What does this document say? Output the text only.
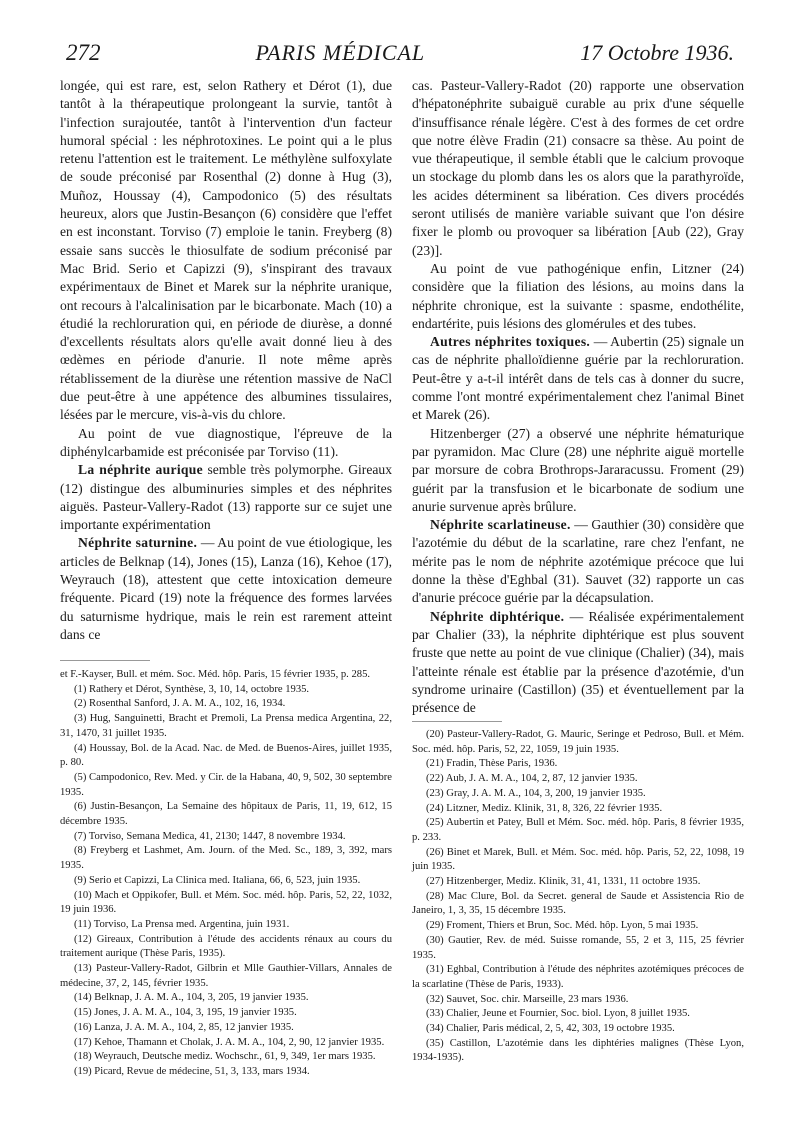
272	PARIS MÉDICAL	17 Octobre 1936.

longée, qui est rare, est, selon Rathery et Dérot (1), due tantôt à la thérapeutique prolongeant la survie, tantôt à l'infection surajoutée, tantôt à l'intervention d'un facteur humoral spécial : les néphrotoxines. Le point qui a le plus retenu l'attention est le traitement. Le méthylène sulfoxylate de soude préconisé par Rosenthal (2) donne à Hug (3), Muñoz, Houssay (4), Campodonico (5) des résultats heureux, alors que Justin-Besançon (6) considère que l'effet en est inconstant. Torviso (7) emploie le tanin. Freyberg (8) essaie sans succès le thiosulfate de sodium préconisé par Mac Brid. Serio et Capizzi (9), s'inspirant des travaux expérimentaux de Binet et Marek sur la néphrite uranique, ont recours à l'alcalinisation par le bicarbonate. Mach (10) a étudié la rechloruration qui, en période de diurèse, a donné d'excellents résultats alors qu'elle avait donné lieu à des œdèmes en période d'anurie. Il note même après rétablissement de la diurèse une rétention massive de NaCl due peut-être à une appétence des albumines tissulaires, lésées par le mercure, vis-à-vis du chlore.

Au point de vue diagnostique, l'épreuve de la diphénylcarbamide est préconisée par Torviso (11).

La néphrite aurique semble très polymorphe. Gireaux (12) distingue des albuminuries simples et des néphrites aiguës. Pasteur-Vallery-Radot (13) rapporte sur ce sujet une importante expérimentation

Néphrite saturnine. — Au point de vue étiologique, les articles de Belknap (14), Jones (15), Lanza (16), Kehoe (17), Weyrauch (18), attestent que cette intoxication demeure fréquente. Picard (19) note la fréquence des formes larvées du saturnisme hydrique, mais le rein est rarement atteint dans ce

et F.-Kayser, Bull. et mém. Soc. Méd. hôp. Paris, 15 février 1935, p. 285.

(1) Rathery et Dérot, Synthèse, 3, 10, 14, octobre 1935.

(2) Rosenthal Sanford, J. A. M. A., 102, 16, 1934.

(3) Hug, Sanguinetti, Bracht et Premoli, La Prensa medica Argentina, 22, 31, 1470, 31 juillet 1935.

(4) Houssay, Bol. de la Acad. Nac. de Med. de Buenos-Aires, juillet 1935, p. 80.

(5) Campodonico, Rev. Med. y Cir. de la Habana, 40, 9, 502, 30 septembre 1935.

(6) Justin-Besançon, La Semaine des hôpitaux de Paris, 11, 19, 612, 15 décembre 1935.

(7) Torviso, Semana Medica, 41, 2130; 1447, 8 novembre 1934.

(8) Freyberg et Lashmet, Am. Journ. of the Med. Sc., 189, 3, 392, mars 1935.

(9) Serio et Capizzi, La Clinica med. Italiana, 66, 6, 523, juin 1935.

(10) Mach et Oppikofer, Bull. et Mém. Soc. méd. hôp. Paris, 52, 22, 1032, 19 juin 1936.

(11) Torviso, La Prensa med. Argentina, juin 1931.

(12) Gireaux, Contribution à l'étude des accidents rénaux au cours du traitement aurique (Thèse Paris, 1935).

(13) Pasteur-Vallery-Radot, Gilbrin et Mlle Gauthier-Villars, Annales de médecine, 37, 2, 145, février 1935.

(14) Belknap, J. A. M. A., 104, 3, 205, 19 janvier 1935.

(15) Jones, J. A. M. A., 104, 3, 195, 19 janvier 1935.

(16) Lanza, J. A. M. A., 104, 2, 85, 12 janvier 1935.

(17) Kehoe, Thamann et Cholak, J. A. M. A., 104, 2, 90, 12 janvier 1935.

(18) Weyrauch, Deutsche mediz. Wochschr., 61, 9, 349, 1er mars 1935.

(19) Picard, Revue de médecine, 51, 3, 133, mars 1934.

cas. Pasteur-Vallery-Radot (20) rapporte une observation d'hépatonéphrite subaiguë curable au prix d'une séquelle d'insuffisance rénale légère. C'est à des formes de cet ordre que notre élève Fradin (21) consacre sa thèse. Au point de vue thérapeutique, il semble établi que le calcium provoque un stockage du plomb dans les os alors que la parathyroïde, les acides déterminent sa libération. Ces divers procédés seront utilisés de manière variable suivant que l'on désire fixer le plomb ou provoquer sa libération [Aub (22), Gray (23)].

Au point de vue pathogénique enfin, Litzner (24) considère que la filiation des lésions, au moins dans la néphrite chronique, est la suivante : spasme, endothélite, endartérite, puis lésions des glomérules et des tubes.

Autres néphrites toxiques. — Aubertin (25) signale un cas de néphrite phalloïdienne guérie par la rechloruration. Peut-être y a-t-il intérêt dans de tels cas à donner du sucre, comme l'ont montré expérimentalement chez l'animal Binet et Marek (26).

Hitzenberger (27) a observé une néphrite hématurique par pyramidon. Mac Clure (28) une néphrite aiguë mortelle par morsure de cobra Brothrops-Jararacussu. Froment (29) guérit par la transfusion et le bicarbonate de sodium une anurie survenue après brûlure.

Néphrite scarlatineuse. — Gauthier (30) considère que l'azotémie du début de la scarlatine, rare chez l'enfant, ne mérite pas le nom de néphrite azotémique précoce que lui donne la thèse d'Eghbal (31). Sauvet (32) rapporte un cas d'anurie précoce guérie par la décapsulation.

Néphrite diphtérique. — Réalisée expérimentalement par Chalier (33), la néphrite diphtérique est plus souvent fruste que nette au point de vue clinique (Chalier) (34), mais l'atteinte rénale est établie par la présence d'azotémie, d'un syndrome urinaire (Castillon) (35) et éventuellement par la présence de

(20) Pasteur-Vallery-Radot, G. Mauric, Seringe et Pedroso, Bull. et Mém. Soc. méd. hôp. Paris, 52, 22, 1059, 19 juin 1935.

(21) Fradin, Thèse Paris, 1936.

(22) Aub, J. A. M. A., 104, 2, 87, 12 janvier 1935.

(23) Gray, J. A. M. A., 104, 3, 200, 19 janvier 1935.

(24) Litzner, Mediz. Klinik, 31, 8, 326, 22 février 1935.

(25) Aubertin et Patey, Bull et Mém. Soc. méd. hôp. Paris, 8 février 1935, p. 233.

(26) Binet et Marek, Bull. et Mém. Soc. méd. hôp. Paris, 52, 22, 1098, 19 juin 1935.

(27) Hitzenberger, Mediz. Klinik, 31, 41, 1331, 11 octobre 1935.

(28) Mac Clure, Bol. da Secret. general de Saude et Assistencia Rio de Janeiro, 1, 3, 35, 15 décembre 1935.

(29) Froment, Thiers et Brun, Soc. Méd. hôp. Lyon, 5 mai 1935.

(30) Gautier, Rev. de méd. Suisse romande, 55, 2 et 3, 115, 25 février 1935.

(31) Eghbal, Contribution à l'étude des néphrites azotémiques précoces de la scarlatine (Thèse de Paris, 1933).

(32) Sauvet, Soc. chir. Marseille, 23 mars 1936.

(33) Chalier, Jeune et Fournier, Soc. biol. Lyon, 8 juillet 1935.

(34) Chalier, Paris médical, 2, 5, 42, 303, 19 octobre 1935.

(35) Castillon, L'azotémie dans les diphtéries malignes (Thèse Lyon, 1934-1935).
